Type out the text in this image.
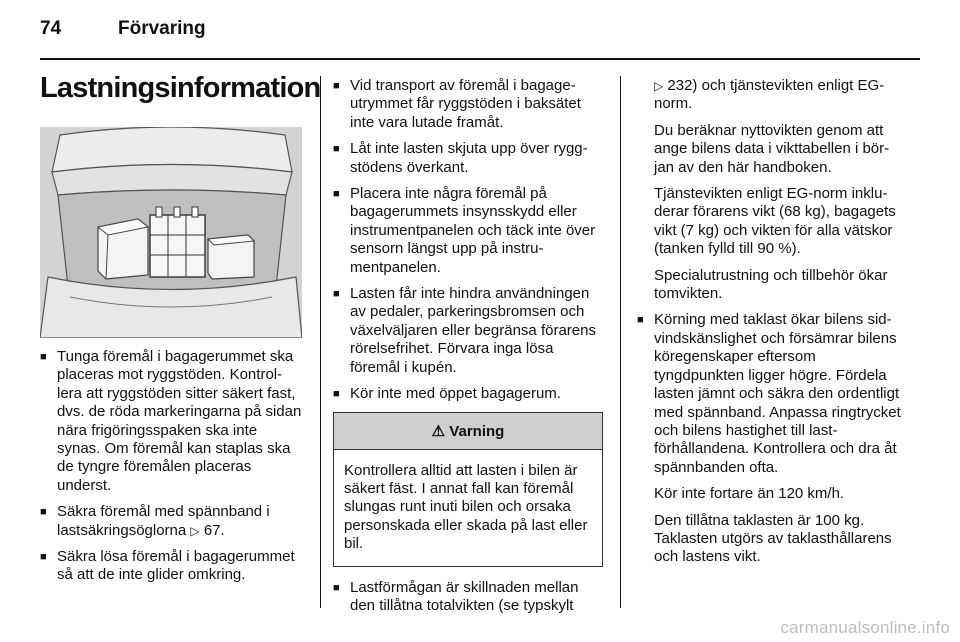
74	Förvaring
Lastningsinformation
■ Tunga föremål i bagagerummet ska placeras mot ryggstöden. Kontrollera att ryggstöden sitter säkert fast, dvs. de röda markeringarna på sidan nära frigöringsspaken ska inte synas. Om föremål kan staplas ska de tyngre föremålen placeras underst.
■ Säkra föremål med spännband i lastsäkringsöglorna ▷ 67.
■ Säkra lösa föremål i bagagerummet så att de inte glider omkring.
■ Vid transport av föremål i bagageutrymmet får ryggstöden i baksätet inte vara lutade framåt.
■ Låt inte lasten skjuta upp över ryggstödens överkant.
■ Placera inte några föremål på bagagerummets insynsskydd eller instrumentpanelen och täck inte över sensorn längst upp på instrumentpanelen.
■ Lasten får inte hindra användningen av pedaler, parkeringsbromsen och växelväljaren eller begränsa förarens rörelsefrihet. Förvara inga lösa föremål i kupén.
■ Kör inte med öppet bagagerum.
⚠ Varning
Kontrollera alltid att lasten i bilen är säkert fäst. I annat fall kan föremål slungas runt inuti bilen och orsaka personskada eller skada på last eller bil.
■ Lastförmågan är skillnaden mellan den tillåtna totalvikten (se typskylt
▷ 232) och tjänstevikten enligt EG-norm.
Du beräknar nyttovikten genom att ange bilens data i vikttabellen i början av den här handboken.
Tjänstevikten enligt EG-norm inkluderar förarens vikt (68 kg), bagagets vikt (7 kg) och vikten för alla vätskor (tanken fylld till 90 %).
Specialutrustning och tillbehör ökar tomvikten.
■ Körning med taklast ökar bilens sidvindskänslighet och försämrar bilens köregenskaper eftersom tyngdpunkten ligger högre. Fördela lasten jämnt och säkra den ordentligt med spännband. Anpassa ringtrycket och bilens hastighet till lastförhållandena. Kontrollera och dra åt spännbanden ofta.
Kör inte fortare än 120 km/h.
Den tillåtna taklasten är 100 kg. Taklasten utgörs av taklasthållarens och lastens vikt.
carmanualsonline.info
